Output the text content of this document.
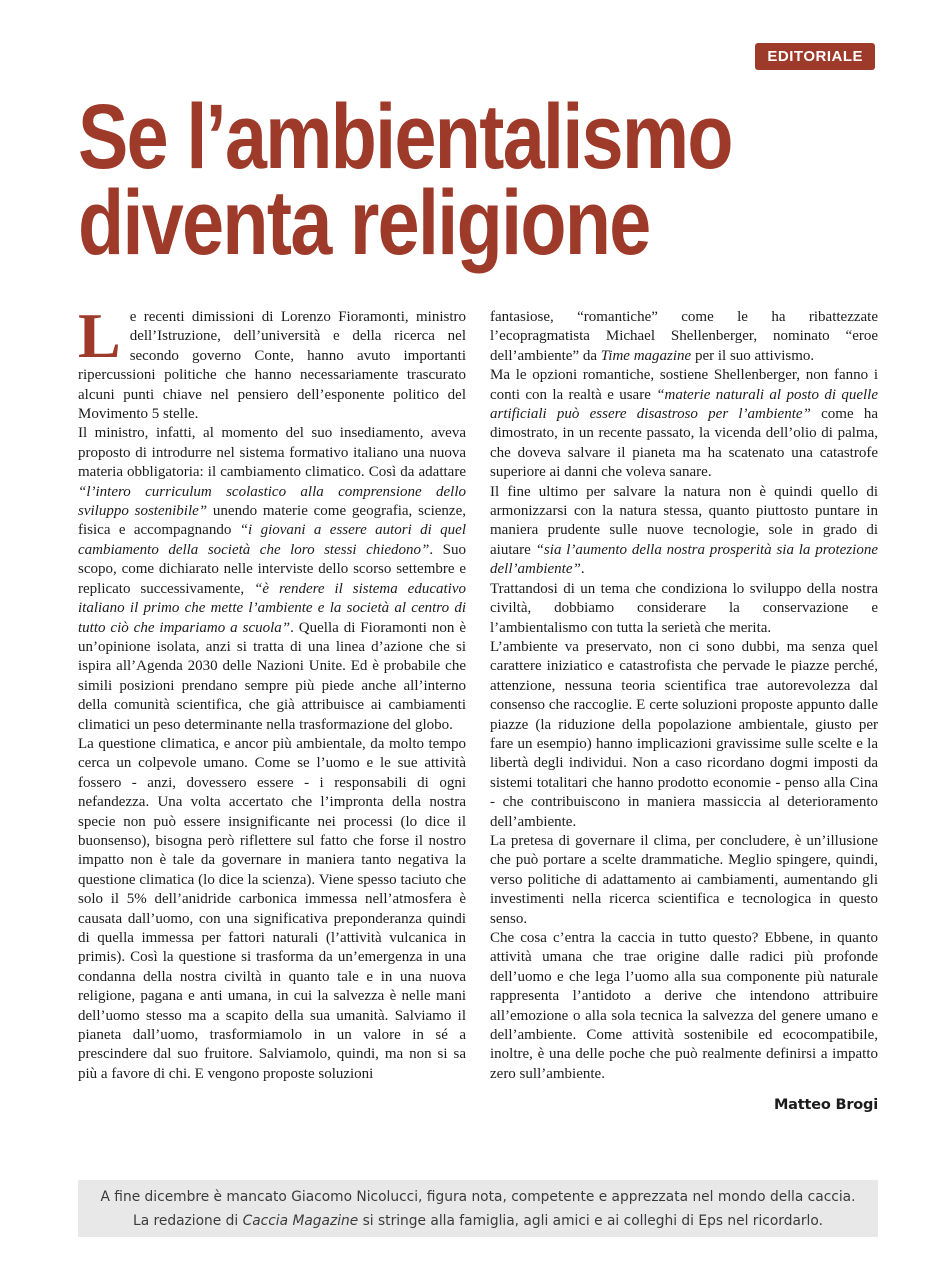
EDITORIALE
Se l’ambientalismo
diventa religione

Le recenti dimissioni di Lorenzo Fioramonti, ministro dell’Istruzione, dell’università e della ricerca nel secondo governo Conte, hanno avuto importanti ripercussioni politiche che hanno necessariamente trascurato alcuni punti chiave nel pensiero dell’esponente politico del Movimento 5 stelle.

Il ministro, infatti, al momento del suo insediamento, aveva proposto di introdurre nel sistema formativo italiano una nuova materia obbligatoria: il cambiamento climatico. Così da adattare “l’intero curriculum scolastico alla comprensione dello sviluppo sostenibile” unendo materie come geografia, scienze, fisica e accompagnando “i giovani a essere autori di quel cambiamento della società che loro stessi chiedono”. Suo scopo, come dichiarato nelle interviste dello scorso settembre e replicato successivamente, “è rendere il sistema educativo italiano il primo che mette l’ambiente e la società al centro di tutto ciò che impariamo a scuola”. Quella di Fioramonti non è un’opinione isolata, anzi si tratta di una linea d’azione che si ispira all’Agenda 2030 delle Nazioni Unite. Ed è probabile che simili posizioni prendano sempre più piede anche all’interno della comunità scientifica, che già attribuisce ai cambiamenti climatici un peso determinante nella trasformazione del globo.

La questione climatica, e ancor più ambientale, da molto tempo cerca un colpevole umano. Come se l’uomo e le sue attività fossero - anzi, dovessero essere - i responsabili di ogni nefandezza. Una volta accertato che l’impronta della nostra specie non può essere insignificante nei processi (lo dice il buonsenso), bisogna però riflettere sul fatto che forse il nostro impatto non è tale da governare in maniera tanto negativa la questione climatica (lo dice la scienza). Viene spesso taciuto che solo il 5% dell’anidride carbonica immessa nell’atmosfera è causata dall’uomo, con una significativa preponderanza quindi di quella immessa per fattori naturali (l’attività vulcanica in primis). Così la questione si trasforma da un’emergenza in una condanna della nostra civiltà in quanto tale e in una nuova religione, pagana e anti umana, in cui la salvezza è nelle mani dell’uomo stesso ma a scapito della sua umanità. Salviamo il pianeta dall’uomo, trasformiamolo in un valore in sé a prescindere dal suo fruitore. Salviamolo, quindi, ma non si sa più a favore di chi. E vengono proposte soluzioni

fantasiose, “romantiche” come le ha ribattezzate l’ecopragmatista Michael Shellenberger, nominato “eroe dell’ambiente” da Time magazine per il suo attivismo.

Ma le opzioni romantiche, sostiene Shellenberger, non fanno i conti con la realtà e usare “materie naturali al posto di quelle artificiali può essere disastroso per l’ambiente” come ha dimostrato, in un recente passato, la vicenda dell’olio di palma, che doveva salvare il pianeta ma ha scatenato una catastrofe superiore ai danni che voleva sanare.

Il fine ultimo per salvare la natura non è quindi quello di armonizzarsi con la natura stessa, quanto piuttosto puntare in maniera prudente sulle nuove tecnologie, sole in grado di aiutare “sia l’aumento della nostra prosperità sia la protezione dell’ambiente”.

Trattandosi di un tema che condiziona lo sviluppo della nostra civiltà, dobbiamo considerare la conservazione e l’ambientalismo con tutta la serietà che merita.

L’ambiente va preservato, non ci sono dubbi, ma senza quel carattere iniziatico e catastrofista che pervade le piazze perché, attenzione, nessuna teoria scientifica trae autorevolezza dal consenso che raccoglie. E certe soluzioni proposte appunto dalle piazze (la riduzione della popolazione ambientale, giusto per fare un esempio) hanno implicazioni gravissime sulle scelte e la libertà degli individui. Non a caso ricordano dogmi imposti da sistemi totalitari che hanno prodotto economie - penso alla Cina - che contribuiscono in maniera massiccia al deterioramento dell’ambiente.

La pretesa di governare il clima, per concludere, è un’illusione che può portare a scelte drammatiche. Meglio spingere, quindi, verso politiche di adattamento ai cambiamenti, aumentando gli investimenti nella ricerca scientifica e tecnologica in questo senso.

Che cosa c’entra la caccia in tutto questo? Ebbene, in quanto attività umana che trae origine dalle radici più profonde dell’uomo e che lega l’uomo alla sua componente più naturale rappresenta l’antidoto a derive che intendono attribuire all’emozione o alla sola tecnica la salvezza del genere umano e dell’ambiente. Come attività sostenibile ed ecocompatibile, inoltre, è una delle poche che può realmente definirsi a impatto zero sull’ambiente.

Matteo Brogi
A fine dicembre è mancato Giacomo Nicolucci, figura nota, competente e apprezzata nel mondo della caccia.
La redazione di Caccia Magazine si stringe alla famiglia, agli amici e ai colleghi di Eps nel ricordarlo.
